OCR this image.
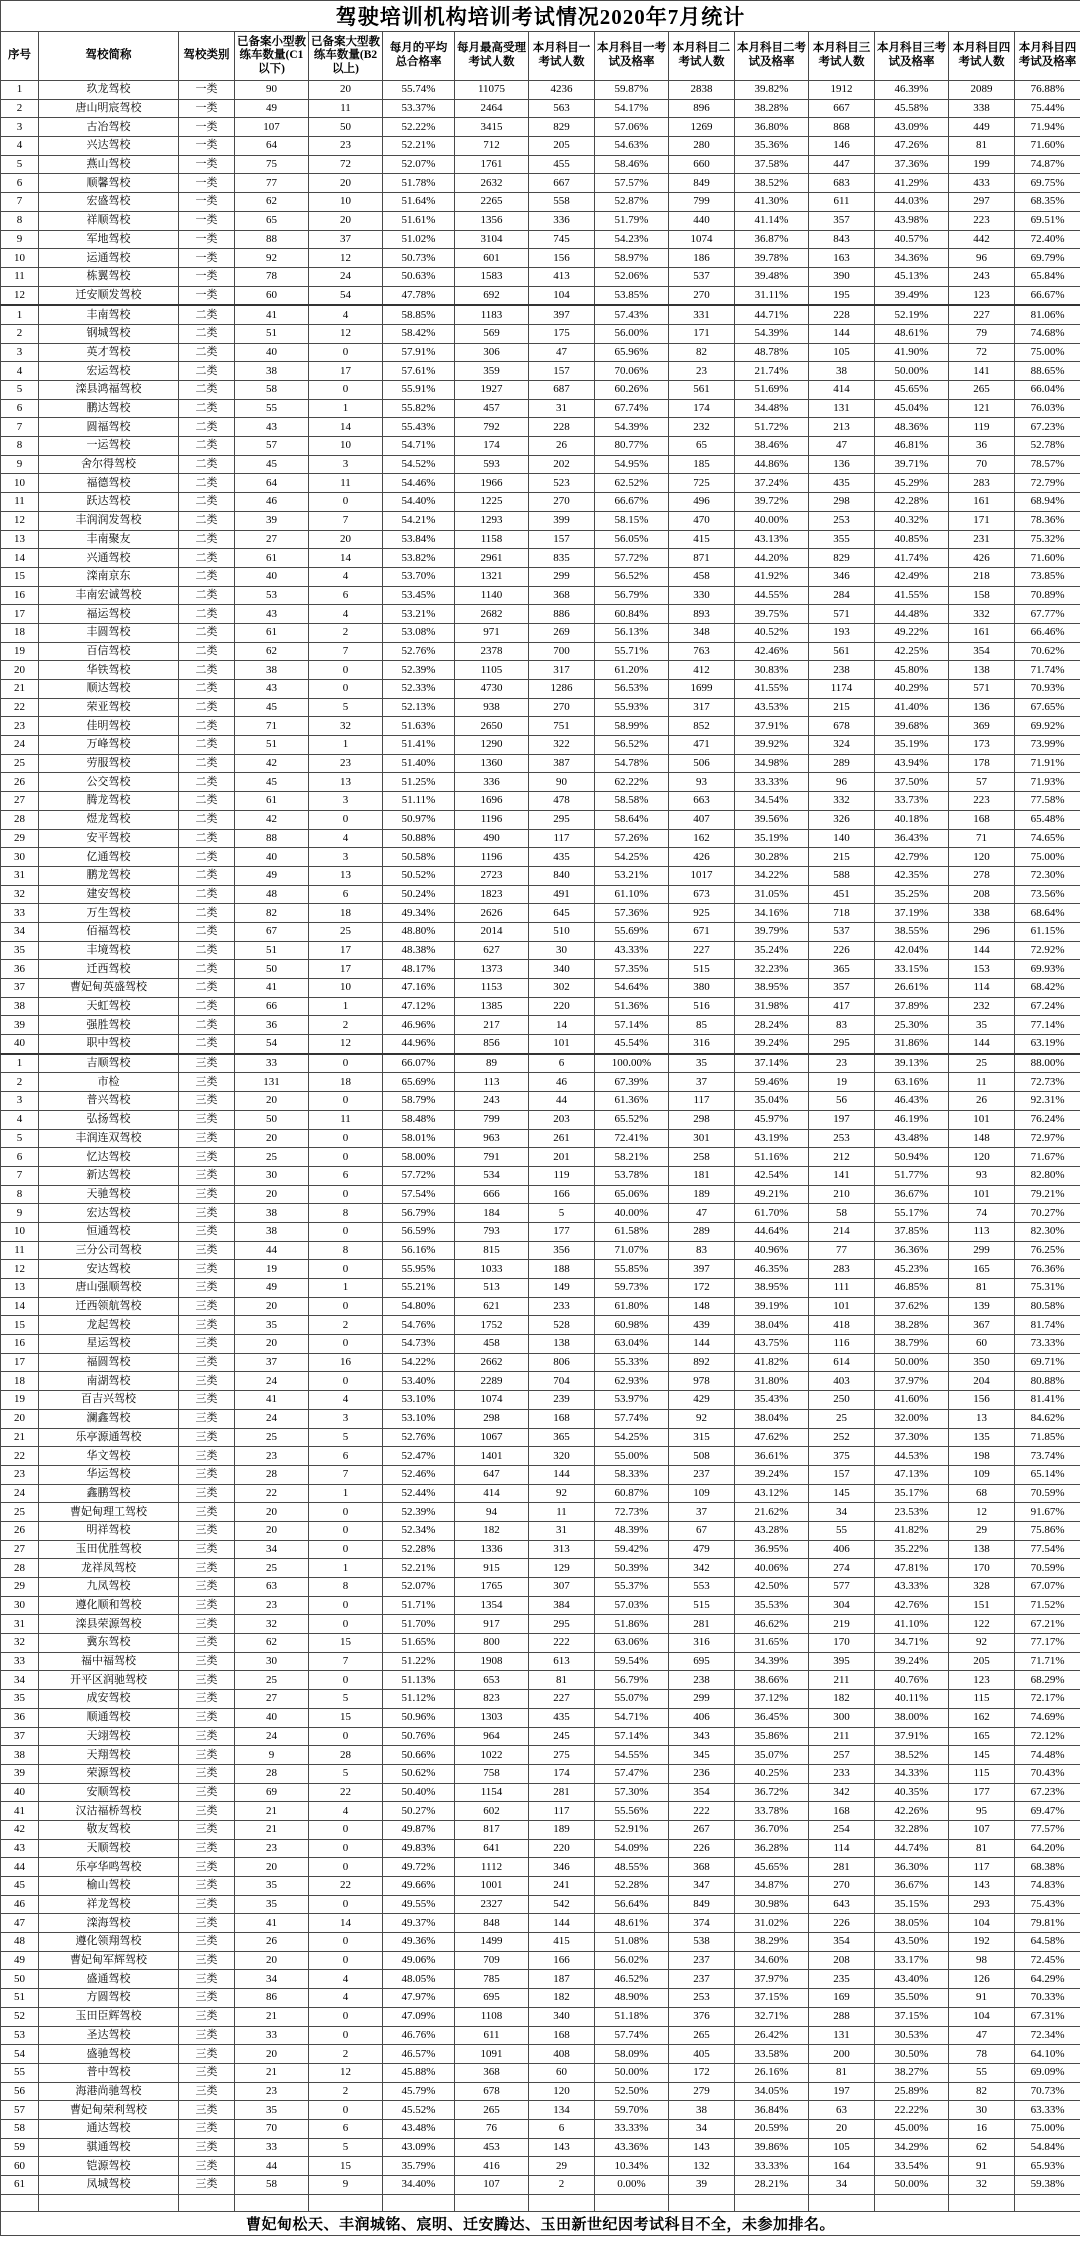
驾驶培训机构培训考试情况2020年7月统计														
序号	驾校简称	驾校类别	已备案小型教练车数量(C1以下)	已备案大型教练车数量(B2以上)	每月的平均总合格率	每月最高受理考试人数	本月科目一考试人数	本月科目一考试及格率	本月科目二考试人数	本月科目二考试及格率	本月科目三考试人数	本月科目三考试及格率	本月科目四考试人数	本月科目四考试及格率
1	玖龙驾校	一类	90	20	55.74%	11075	4236	59.87%	2838	39.82%	1912	46.39%	2089	76.88%
2	唐山明宸驾校	一类	49	11	53.37%	2464	563	54.17%	896	38.28%	667	45.58%	338	75.44%
3	古冶驾校	一类	107	50	52.22%	3415	829	57.06%	1269	36.80%	868	43.09%	449	71.94%
4	兴达驾校	一类	64	23	52.21%	712	205	54.63%	280	35.36%	146	47.26%	81	71.60%
5	燕山驾校	一类	75	72	52.07%	1761	455	58.46%	660	37.58%	447	37.36%	199	74.87%
6	顺馨驾校	一类	77	20	51.78%	2632	667	57.57%	849	38.52%	683	41.29%	433	69.75%
7	宏盛驾校	一类	62	10	51.64%	2265	558	52.87%	799	41.30%	611	44.03%	297	68.35%
8	祥顺驾校	一类	65	20	51.61%	1356	336	51.79%	440	41.14%	357	43.98%	223	69.51%
9	军地驾校	一类	88	37	51.02%	3104	745	54.23%	1074	36.87%	843	40.57%	442	72.40%
10	运通驾校	一类	92	12	50.73%	601	156	58.97%	186	39.78%	163	34.36%	96	69.79%
11	栋翼驾校	一类	78	24	50.63%	1583	413	52.06%	537	39.48%	390	45.13%	243	65.84%
12	迁安顺发驾校	一类	60	54	47.78%	692	104	53.85%	270	31.11%	195	39.49%	123	66.67%
1	丰南驾校	二类	41	4	58.85%	1183	397	57.43%	331	44.71%	228	52.19%	227	81.06%
2	钢城驾校	二类	51	12	58.42%	569	175	56.00%	171	54.39%	144	48.61%	79	74.68%
3	英才驾校	二类	40	0	57.91%	306	47	65.96%	82	48.78%	105	41.90%	72	75.00%
4	宏运驾校	二类	38	17	57.61%	359	157	70.06%	23	21.74%	38	50.00%	141	88.65%
5	滦县鸿福驾校	二类	58	0	55.91%	1927	687	60.26%	561	51.69%	414	45.65%	265	66.04%
6	鹏达驾校	二类	55	1	55.82%	457	31	67.74%	174	34.48%	131	45.04%	121	76.03%
7	圆福驾校	二类	43	14	55.43%	792	228	54.39%	232	51.72%	213	48.36%	119	67.23%
8	一运驾校	二类	57	10	54.71%	174	26	80.77%	65	38.46%	47	46.81%	36	52.78%
9	舍尔得驾校	二类	45	3	54.52%	593	202	54.95%	185	44.86%	136	39.71%	70	78.57%
10	福德驾校	二类	64	11	54.46%	1966	523	62.52%	725	37.24%	435	45.29%	283	72.79%
11	跃达驾校	二类	46	0	54.40%	1225	270	66.67%	496	39.72%	298	42.28%	161	68.94%
12	丰润润发驾校	二类	39	7	54.21%	1293	399	58.15%	470	40.00%	253	40.32%	171	78.36%
13	丰南聚友	二类	27	20	53.84%	1158	157	56.05%	415	43.13%	355	40.85%	231	75.32%
14	兴通驾校	二类	61	14	53.82%	2961	835	57.72%	871	44.20%	829	41.74%	426	71.60%
15	滦南京东	二类	40	4	53.70%	1321	299	56.52%	458	41.92%	346	42.49%	218	73.85%
16	丰南宏诚驾校	二类	53	6	53.45%	1140	368	56.79%	330	44.55%	284	41.55%	158	70.89%
17	福运驾校	二类	43	4	53.21%	2682	886	60.84%	893	39.75%	571	44.48%	332	67.77%
18	丰圆驾校	二类	61	2	53.08%	971	269	56.13%	348	40.52%	193	49.22%	161	66.46%
19	百信驾校	二类	62	7	52.76%	2378	700	55.71%	763	42.46%	561	42.25%	354	70.62%
20	华铁驾校	二类	38	0	52.39%	1105	317	61.20%	412	30.83%	238	45.80%	138	71.74%
21	顺达驾校	二类	43	0	52.33%	4730	1286	56.53%	1699	41.55%	1174	40.29%	571	70.93%
22	荣亚驾校	二类	45	5	52.13%	938	270	55.93%	317	43.53%	215	41.40%	136	67.65%
23	佳明驾校	二类	71	32	51.63%	2650	751	58.99%	852	37.91%	678	39.68%	369	69.92%
24	万峰驾校	二类	51	1	51.41%	1290	322	56.52%	471	39.92%	324	35.19%	173	73.99%
25	劳服驾校	二类	42	23	51.40%	1360	387	54.78%	506	34.98%	289	43.94%	178	71.91%
26	公交驾校	二类	45	13	51.25%	336	90	62.22%	93	33.33%	96	37.50%	57	71.93%
27	腾龙驾校	二类	61	3	51.11%	1696	478	58.58%	663	34.54%	332	33.73%	223	77.58%
28	煜龙驾校	二类	42	0	50.97%	1196	295	58.64%	407	39.56%	326	40.18%	168	65.48%
29	安平驾校	二类	88	4	50.88%	490	117	57.26%	162	35.19%	140	36.43%	71	74.65%
30	亿通驾校	二类	40	3	50.58%	1196	435	54.25%	426	30.28%	215	42.79%	120	75.00%
31	鹏龙驾校	二类	49	13	50.52%	2723	840	53.21%	1017	34.22%	588	42.35%	278	72.30%
32	建安驾校	二类	48	6	50.24%	1823	491	61.10%	673	31.05%	451	35.25%	208	73.56%
33	万生驾校	二类	82	18	49.34%	2626	645	57.36%	925	34.16%	718	37.19%	338	68.64%
34	佰福驾校	二类	67	25	48.80%	2014	510	55.69%	671	39.79%	537	38.55%	296	61.15%
35	丰境驾校	二类	51	17	48.38%	627	30	43.33%	227	35.24%	226	42.04%	144	72.92%
36	迁西驾校	二类	50	17	48.17%	1373	340	57.35%	515	32.23%	365	33.15%	153	69.93%
37	曹妃甸英盛驾校	二类	41	10	47.16%	1153	302	54.64%	380	38.95%	357	26.61%	114	68.42%
38	天虹驾校	二类	66	1	47.12%	1385	220	51.36%	516	31.98%	417	37.89%	232	67.24%
39	强胜驾校	二类	36	2	46.96%	217	14	57.14%	85	28.24%	83	25.30%	35	77.14%
40	职中驾校	二类	54	12	44.96%	856	101	45.54%	316	39.24%	295	31.86%	144	63.19%
1	吉顺驾校	三类	33	0	66.07%	89	6	100.00%	35	37.14%	23	39.13%	25	88.00%
2	市检	三类	131	18	65.69%	113	46	67.39%	37	59.46%	19	63.16%	11	72.73%
3	普兴驾校	三类	20	0	58.79%	243	44	61.36%	117	35.04%	56	46.43%	26	92.31%
4	弘扬驾校	三类	50	11	58.48%	799	203	65.52%	298	45.97%	197	46.19%	101	76.24%
5	丰润连双驾校	三类	20	0	58.01%	963	261	72.41%	301	43.19%	253	43.48%	148	72.97%
6	忆达驾校	三类	25	0	58.00%	791	201	58.21%	258	51.16%	212	50.94%	120	71.67%
7	新达驾校	三类	30	6	57.72%	534	119	53.78%	181	42.54%	141	51.77%	93	82.80%
8	天驰驾校	三类	20	0	57.54%	666	166	65.06%	189	49.21%	210	36.67%	101	79.21%
9	宏达驾校	三类	38	8	56.79%	184	5	40.00%	47	61.70%	58	55.17%	74	70.27%
10	恒通驾校	三类	38	0	56.59%	793	177	61.58%	289	44.64%	214	37.85%	113	82.30%
11	三分公司驾校	三类	44	8	56.16%	815	356	71.07%	83	40.96%	77	36.36%	299	76.25%
12	安达驾校	三类	19	0	55.95%	1033	188	55.85%	397	46.35%	283	45.23%	165	76.36%
13	唐山强顺驾校	三类	49	1	55.21%	513	149	59.73%	172	38.95%	111	46.85%	81	75.31%
14	迁西领航驾校	三类	20	0	54.80%	621	233	61.80%	148	39.19%	101	37.62%	139	80.58%
15	龙起驾校	三类	35	2	54.76%	1752	528	60.98%	439	38.04%	418	38.28%	367	81.74%
16	星运驾校	三类	20	0	54.73%	458	138	63.04%	144	43.75%	116	38.79%	60	73.33%
17	福圆驾校	三类	37	16	54.22%	2662	806	55.33%	892	41.82%	614	50.00%	350	69.71%
18	南湖驾校	三类	24	0	53.40%	2289	704	62.93%	978	31.80%	403	37.97%	204	80.88%
19	百吉兴驾校	三类	41	4	53.10%	1074	239	53.97%	429	35.43%	250	41.60%	156	81.41%
20	澜鑫驾校	三类	24	3	53.10%	298	168	57.74%	92	38.04%	25	32.00%	13	84.62%
21	乐亭源通驾校	三类	25	5	52.76%	1067	365	54.25%	315	47.62%	252	37.30%	135	71.85%
22	华文驾校	三类	23	6	52.47%	1401	320	55.00%	508	36.61%	375	44.53%	198	73.74%
23	华运驾校	三类	28	7	52.46%	647	144	58.33%	237	39.24%	157	47.13%	109	65.14%
24	鑫鹏驾校	三类	22	1	52.44%	414	92	60.87%	109	43.12%	145	35.17%	68	70.59%
25	曹妃甸理工驾校	三类	20	0	52.39%	94	11	72.73%	37	21.62%	34	23.53%	12	91.67%
26	明祥驾校	三类	20	0	52.34%	182	31	48.39%	67	43.28%	55	41.82%	29	75.86%
27	玉田优胜驾校	三类	34	0	52.28%	1336	313	59.42%	479	36.95%	406	35.22%	138	77.54%
28	龙祥凤驾校	三类	25	1	52.21%	915	129	50.39%	342	40.06%	274	47.81%	170	70.59%
29	九凤驾校	三类	63	8	52.07%	1765	307	55.37%	553	42.50%	577	43.33%	328	67.07%
30	遵化顺和驾校	三类	23	0	51.71%	1354	384	57.03%	515	35.53%	304	42.76%	151	71.52%
31	滦县荣源驾校	三类	32	0	51.70%	917	295	51.86%	281	46.62%	219	41.10%	122	67.21%
32	冀东驾校	三类	62	15	51.65%	800	222	63.06%	316	31.65%	170	34.71%	92	77.17%
33	福中福驾校	三类	30	7	51.22%	1908	613	59.54%	695	34.39%	395	39.24%	205	71.71%
34	开平区润驰驾校	三类	25	0	51.13%	653	81	56.79%	238	38.66%	211	40.76%	123	68.29%
35	成安驾校	三类	27	5	51.12%	823	227	55.07%	299	37.12%	182	40.11%	115	72.17%
36	顺通驾校	三类	40	15	50.96%	1303	435	54.71%	406	36.45%	300	38.00%	162	74.69%
37	天翊驾校	三类	24	0	50.76%	964	245	57.14%	343	35.86%	211	37.91%	165	72.12%
38	天翔驾校	三类	9	28	50.66%	1022	275	54.55%	345	35.07%	257	38.52%	145	74.48%
39	荣源驾校	三类	28	5	50.62%	758	174	57.47%	236	40.25%	233	34.33%	115	70.43%
40	安顺驾校	三类	69	22	50.40%	1154	281	57.30%	354	36.72%	342	40.35%	177	67.23%
41	汉沽福桥驾校	三类	21	4	50.27%	602	117	55.56%	222	33.78%	168	42.26%	95	69.47%
42	敬友驾校	三类	21	0	49.87%	817	189	52.91%	267	36.70%	254	32.28%	107	77.57%
43	天顺驾校	三类	23	0	49.83%	641	220	54.09%	226	36.28%	114	44.74%	81	64.20%
44	乐亭华鸣驾校	三类	20	0	49.72%	1112	346	48.55%	368	45.65%	281	36.30%	117	68.38%
45	榆山驾校	三类	35	22	49.66%	1001	241	52.28%	347	34.87%	270	36.67%	143	74.83%
46	祥龙驾校	三类	35	0	49.55%	2327	542	56.64%	849	30.98%	643	35.15%	293	75.43%
47	滦海驾校	三类	41	14	49.37%	848	144	48.61%	374	31.02%	226	38.05%	104	79.81%
48	遵化领翔驾校	三类	26	0	49.36%	1499	415	51.08%	538	38.29%	354	43.50%	192	64.58%
49	曹妃甸军辉驾校	三类	20	0	49.06%	709	166	56.02%	237	34.60%	208	33.17%	98	72.45%
50	盛通驾校	三类	34	4	48.05%	785	187	46.52%	237	37.97%	235	43.40%	126	64.29%
51	方圆驾校	三类	86	4	47.97%	695	182	48.90%	253	37.15%	169	35.50%	91	70.33%
52	玉田臣辉驾校	三类	21	0	47.09%	1108	340	51.18%	376	32.71%	288	37.15%	104	67.31%
53	圣达驾校	三类	33	0	46.76%	611	168	57.74%	265	26.42%	131	30.53%	47	72.34%
54	盛驰驾校	三类	20	2	46.57%	1091	408	58.09%	405	33.58%	200	30.50%	78	64.10%
55	普中驾校	三类	21	12	45.88%	368	60	50.00%	172	26.16%	81	38.27%	55	69.09%
56	海港尚驰驾校	三类	23	2	45.79%	678	120	52.50%	279	34.05%	197	25.89%	82	70.73%
57	曹妃甸荣利驾校	三类	35	0	45.52%	265	134	59.70%	38	36.84%	63	22.22%	30	63.33%
58	通达驾校	三类	70	6	43.48%	76	6	33.33%	34	20.59%	20	45.00%	16	75.00%
59	骐通驾校	三类	33	5	43.09%	453	143	43.36%	143	39.86%	105	34.29%	62	54.84%
60	铠源驾校	三类	44	15	35.79%	416	29	10.34%	132	33.33%	164	33.54%	91	65.93%
61	凤城驾校	三类	58	9	34.40%	107	2	0.00%	39	28.21%	34	50.00%	32	59.38%

曹妃甸松天、丰润城铭、宸明、迁安腾达、玉田新世纪因考试科目不全，未参加排名。														
